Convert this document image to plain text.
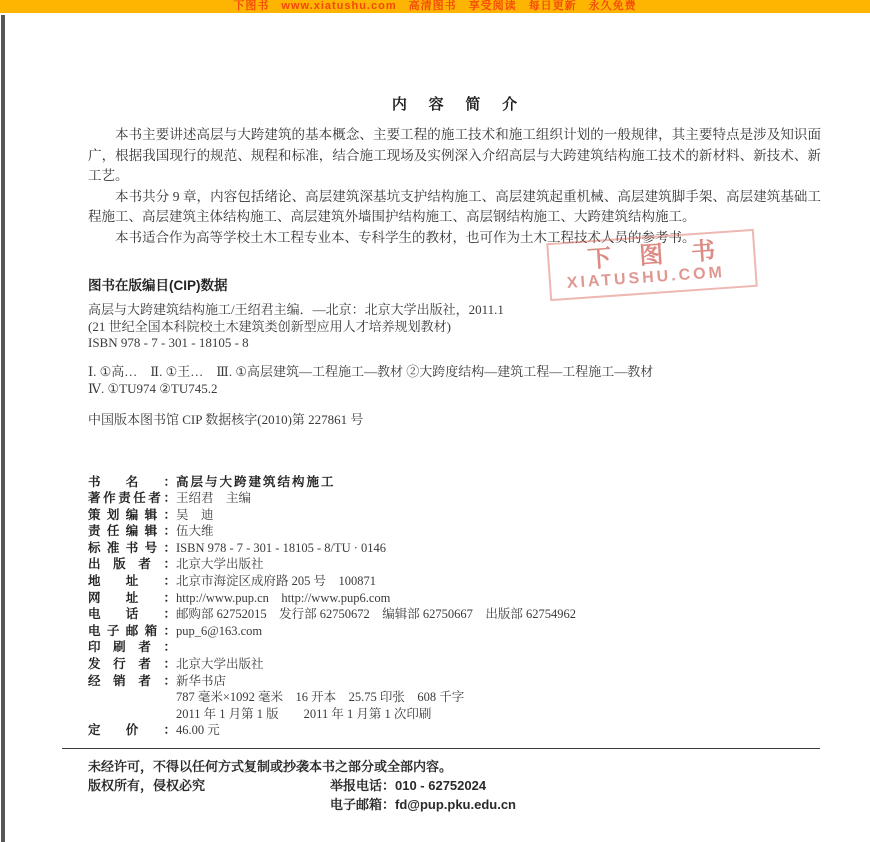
下图书　www.xiatushu.com　高清图书　享受阅读　每日更新　永久免费
内 容 简 介

本书主要讲述高层与大跨建筑的基本概念、主要工程的施工技术和施工组织计划的一般规律，其主要特点是涉及知识面广，根据我国现行的规范、规程和标准，结合施工现场及实例深入介绍高层与大跨建筑结构施工技术的新材料、新技术、新工艺。

本书共分 9 章，内容包括绪论、高层建筑深基坑支护结构施工、高层建筑起重机械、高层建筑脚手架、高层建筑基础工程施工、高层建筑主体结构施工、高层建筑外墙围护结构施工、高层钢结构施工、大跨建筑结构施工。

本书适合作为高等学校土木工程专业本、专科学生的教材，也可作为土木工程技术人员的参考书。

下图书
XIATUSHU.COM
图书在版编目(CIP)数据
高层与大跨建筑结构施工/王绍君主编．—北京：北京大学出版社，2011.1
(21 世纪全国本科院校土木建筑类创新型应用人才培养规划教材)
ISBN 978 - 7 - 301 - 18105 - 8
Ⅰ. ①高…　Ⅱ. ①王…　Ⅲ. ①高层建筑—工程施工—教材 ②大跨度结构—建筑工程—工程施工—教材
Ⅳ. ①TU974 ②TU745.2
中国版本图书馆 CIP 数据核字(2010)第 227861 号
书名： 高层与大跨建筑结构施工
著作责任者： 王绍君　主编
策划编辑： 吴　迪
责任编辑： 伍大维
标准书号： ISBN 978 - 7 - 301 - 18105 - 8/TU · 0146
出版者： 北京大学出版社
地址： 北京市海淀区成府路 205 号　100871
网址： http://www.pup.cn　http://www.pup6.com
电话： 邮购部 62752015　发行部 62750672　编辑部 62750667　出版部 62754962
电子邮箱： pup_6@163.com
印刷者：
发行者： 北京大学出版社
经销者： 新华书店
787 毫米×1092 毫米　16 开本　25.75 印张　608 千字
2011 年 1 月第 1 版　　2011 年 1 月第 1 次印刷
定价： 46.00 元
未经许可，不得以任何方式复制或抄袭本书之部分或全部内容。
版权所有，侵权必究	举报电话：010 - 62752024
电子邮箱：fd@pup.pku.edu.cn
